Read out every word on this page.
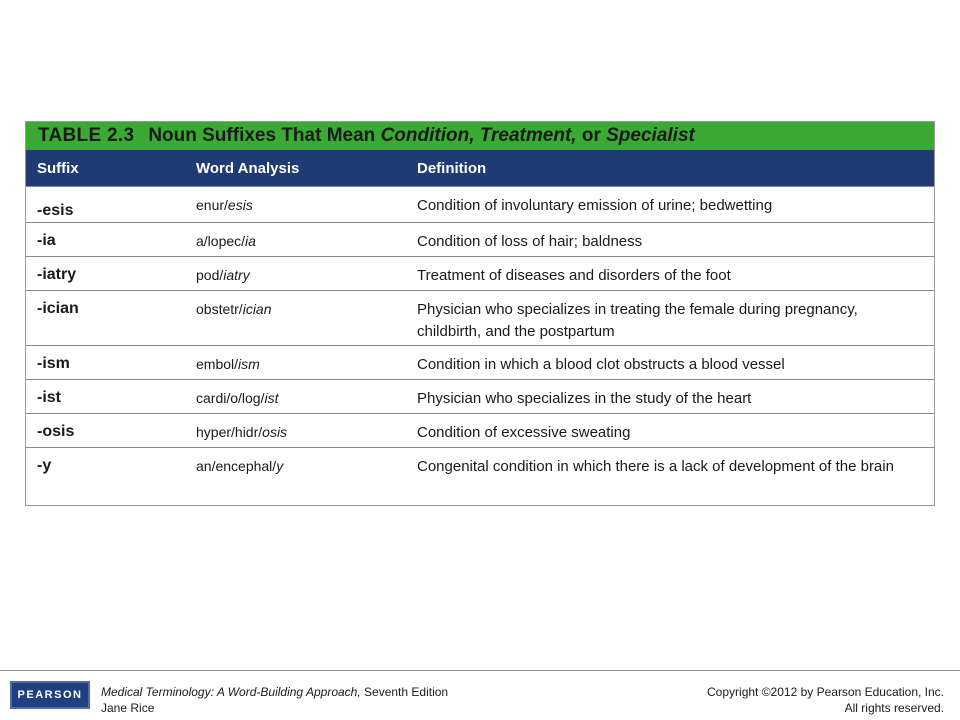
TABLE 2.3 Noun Suffixes That Mean Condition, Treatment, or Specialist
Suffix	Word Analysis	Definition
-esis	enur/esis	Condition of involuntary emission of urine; bedwetting
-ia	a/lopec/ia	Condition of loss of hair; baldness
-iatry	pod/iatry	Treatment of diseases and disorders of the foot
-ician	obstetr/ician	Physician who specializes in treating the female during pregnancy, childbirth, and the postpartum
-ism	embol/ism	Condition in which a blood clot obstructs a blood vessel
-ist	cardi/o/log/ist	Physician who specializes in the study of the heart
-osis	hyper/hidr/osis	Condition of excessive sweating
-y	an/encephal/y	Congenital condition in which there is a lack of development of the brain
PEARSON	Medical Terminology: A Word-Building Approach, Seventh Edition
Jane Rice
Copyright ©2012 by Pearson Education, Inc.
All rights reserved.
